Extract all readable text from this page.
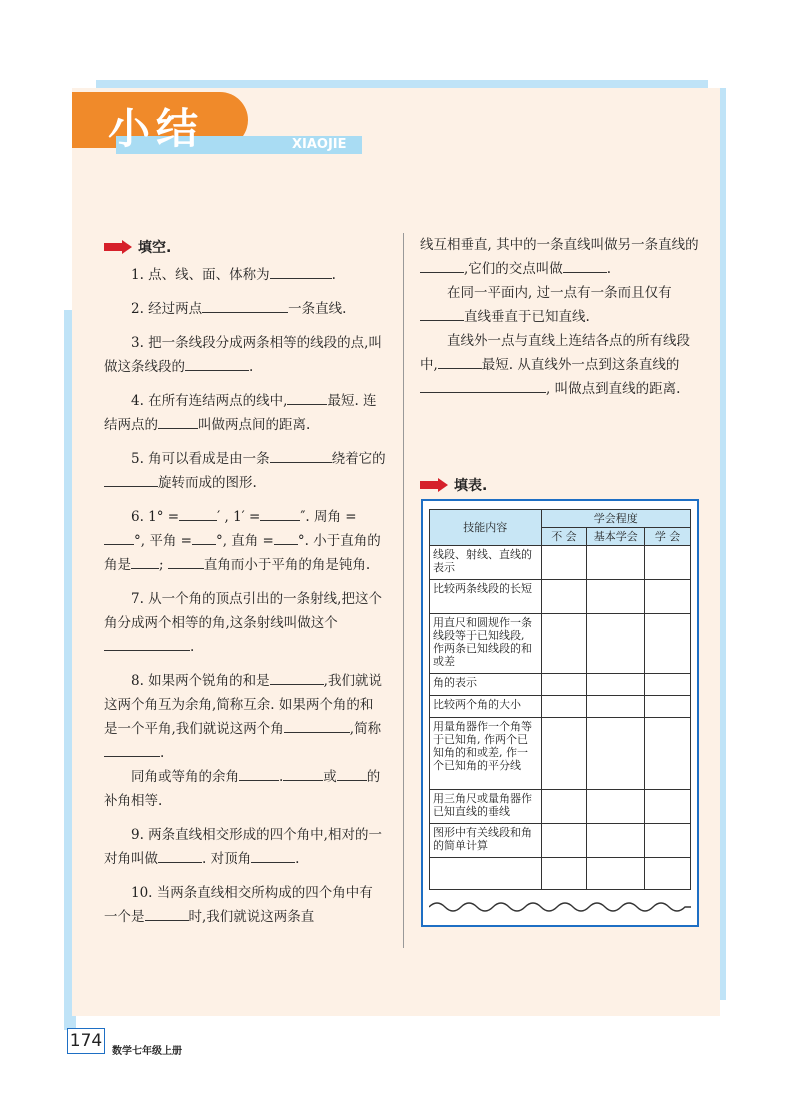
小结	XIAOJIE
填空.

1. 点、线、面、体称为	.

2. 经过两点	一条直线.

3. 把一条线段分成两条相等的线段的点,叫做这条线段的	.

4. 在所有连结两点的线中,	最短. 连结两点的	叫做两点间的距离.

5. 角可以看成是由一条	绕着它的旋转而成的图形.

6. 1° =	′ , 1′ =	″. 周角 =°, 平角 = °, 直角 = °. 小于直角的角是 ;	直角而小于平角的角是钝角.

7. 从一个角的顶点引出的一条射线,把这个角分成两个相等的角,这条射线叫做这个.

8. 如果两个锐角的和是	,我们就说这两个角互为余角,简称互余. 如果两个角的和是一个平角,我们就说这两个角	,简称.

同角或等角的余角	.	或 的补角相等.

9. 两条直线相交形成的四个角中,相对的一对角叫做	. 对顶角	.

10. 当两条直线相交所构成的四个角中有一个是	时,我们就说这两条直

线互相垂直, 其中的一条直线叫做另一条直线的,它们的交点叫做	.

在同一平面内, 过一点有一条而且仅有直线垂直于已知直线.

直线外一点与直线上连结各点的所有线段中,	最短. 从直线外一点到这条直线的, 叫做点到直线的距离.

填表.
技能内容	学会程度		
	不 会	基本学会	学 会
线段、射线、直线的表示			
比较两条线段的长短			
用直尺和圆规作一条线段等于已知线段, 作两条已知线段的和或差			
角的表示			
比较两个角的大小			
用量角器作一个角等于已知角, 作两个已知角的和或差, 作一个已知角的平分线			
用三角尺或量角器作已知直线的垂线			
图形中有关线段和角的简单计算			

174
数学七年级上册
